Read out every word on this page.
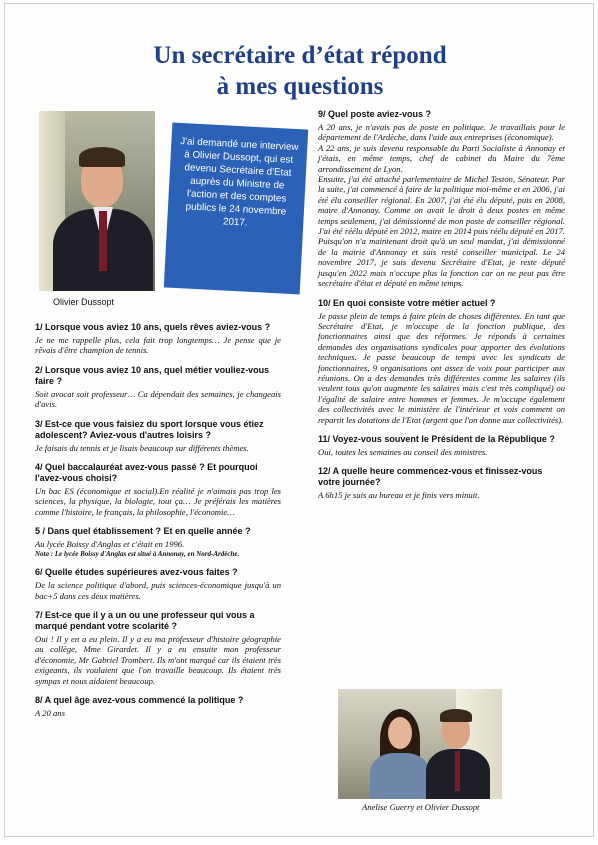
Un secrétaire d’état répond
à mes questions
Olivier Dussopt
J'ai demandé une interview à Olivier Dussopt, qui est devenu Secrétaire d'Etat auprès du Ministre de l'action et des comptes publics le 24 novembre 2017.
1/ Lorsque vous aviez 10 ans, quels rêves aviez-vous ?

Je ne me rappelle plus, cela fait trop longtemps… Je pense que je rêvais d'être champion de tennis.

2/ Lorsque vous aviez 10 ans, quel métier vouliez-vous faire ?

Soit avocat soit professeur… Ca dépendait des semaines, je changeais d'avis.

3/ Est-ce que vous faisiez du sport lorsque vous étiez adolescent? Aviez-vous d'autres loisirs ?

Je faisais du tennis et je lisais beaucoup sur différents thèmes.

4/ Quel baccalauréat avez-vous passé ? Et pourquoi l'avez-vous choisi?

Un bac ES (économique et social).En réalité je n'aimais pas trop les sciences, la physique, la biologie, tout ça… Je préférais les matières comme l'histoire, le français, la philosophie, l'économie…

5 / Dans quel établissement ? Et en quelle année ?

Au lycée Boissy d'Anglas et c'était en 1996.

Nota : Le lycée Boissy d'Anglas est situé à Annonay, en Nord-Ardèche.

6/ Quelle études supérieures avez-vous faites ?

De la science politique d'abord, puis sciences-économique jusqu'à un bac+5 dans ces deux matières.

7/ Est-ce que il y a un ou une professeur qui vous a marqué pendant votre scolarité ?

Oui ! Il y en a eu plein. Il y a eu ma professeur d'histoire géographie au collège, Mme Girardet. Il y a eu ensuite mon professeur d'économie, Mr Gabriel Trombert. Ils m'ont marqué car ils étaient très exigeants, ils voulaient que l'on travaille beaucoup. Ils étaient très sympas et nous aidaient beaucoup.

8/ A quel âge avez-vous commencé la politique ?

A 20 ans

9/ Quel poste aviez-vous ?

A 20 ans, je n'avais pas de poste en politique. Je travaillais pour le département de l'Ardèche, dans l'aide aux entreprises (économique).
A 22 ans, je suis devenu responsable du Parti Socialiste à Annonay et j'étais, en même temps, chef de cabinet du Maire du 7ème arrondissement de Lyon.
Ensuite, j'ai été attaché parlementaire de Michel Teston, Sénateur. Par la suite, j'ai commencé à faire de la politique moi-même et en 2006, j'ai été élu conseiller régional. En 2007, j'ai été élu député, puis en 2008, maire d'Annonay. Comme on avait le droit à deux postes en même temps seulement, j'ai démissionné de mon poste de conseiller régional. J'ai été réélu député en 2012, maire en 2014 puis réélu député en 2017. Puisqu'on n'a maintenant droit qu'à un seul mandat, j'ai démissionné de la mairie d'Annonay et suis resté conseiller municipal. Le 24 novembre 2017, je suis devenu Secrétaire d'Etat, je reste député jusqu'en 2022 mais n'occupe plus la fonction car on ne peut pas être secrétaire d'état et député en même temps.

10/ En quoi consiste votre métier actuel ?

Je passe plein de temps à faire plein de choses différentes. En tant que Secrétaire d'Etat, je m'occupe de la fonction publique, des fonctionnaires ainsi que des réformes. Je réponds à certaines demandes des organisations syndicales pour apporter des évolutions techniques. Je passe beaucoup de temps avec les syndicats de fonctionnaires, 9 organisations ont assez de voix pour participer aux réunions. On a des demandes très différentes comme les salaires (ils veulent tous qu'on augmente les salaires mais c'est très compliqué) ou l'égalité de salaire entre hommes et femmes. Je m'occupe également des collectivités avec le ministère de l'intérieur et vois comment on repartit les dotations de l'Etat (argent que l'on donne aux collectivités).

11/ Voyez-vous souvent le Président de la République ?

Oui, toutes les semaines au conseil des ministres.

12/ A quelle heure commencez-vous et finissez-vous votre journée?

A 6h15 je suis au bureau et je finis vers minuit.

Anelise Guerry et Olivier Dussopt
